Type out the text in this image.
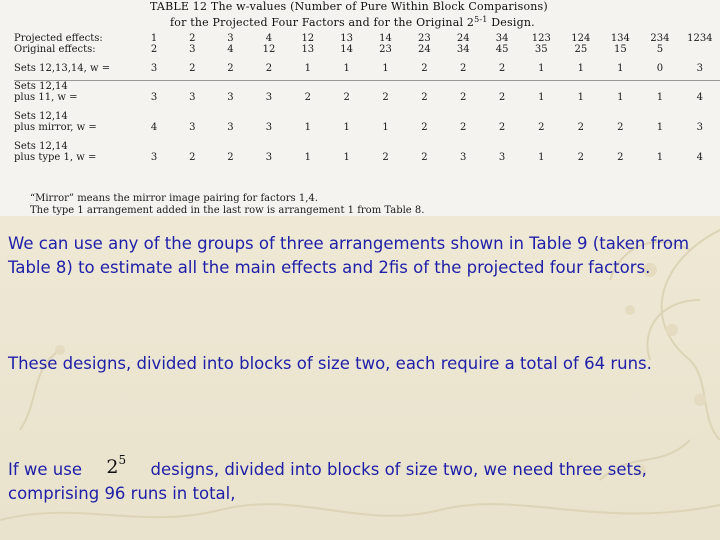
TABLE 12 The w-values (Number of Pure Within Block Comparisons)
for the Projected Four Factors and for the Original 2$^{5-1}$ Design.
Projected effects:	1	2	3	4	12	13	14	23	24	34	123	124	134	234	1234
Original effects:	2	3	4	12	13	14	23	24	34	45	35	25	15	5	

Sets 12,13,14, w =	3	2	2	2	1	1	1	2	2	2	1	1	1	0	3

Sets 12,14															
plus 11, w =	3	3	3	3	2	2	2	2	2	2	1	1	1	1	4

Sets 12,14															
plus mirror, w =	4	3	3	3	1	1	1	2	2	2	2	2	2	1	3

Sets 12,14															
plus type 1, w =	3	2	2	3	1	1	2	2	3	3	1	2	2	1	4
“Mirror” means the mirror image pairing for factors 1,4.
The type 1 arrangement added in the last row is arrangement 1 from Table 8.
We can use any of the groups of three arrangements shown in Table 9 (taken from Table 8) to estimate all the main effects and 2fis of the projected four factors.
These designs, divided into blocks of size two, each require a total of 64 runs.
If we use $2^5$ designs, divided into blocks of size two, we need three sets, comprising 96 runs in total,
